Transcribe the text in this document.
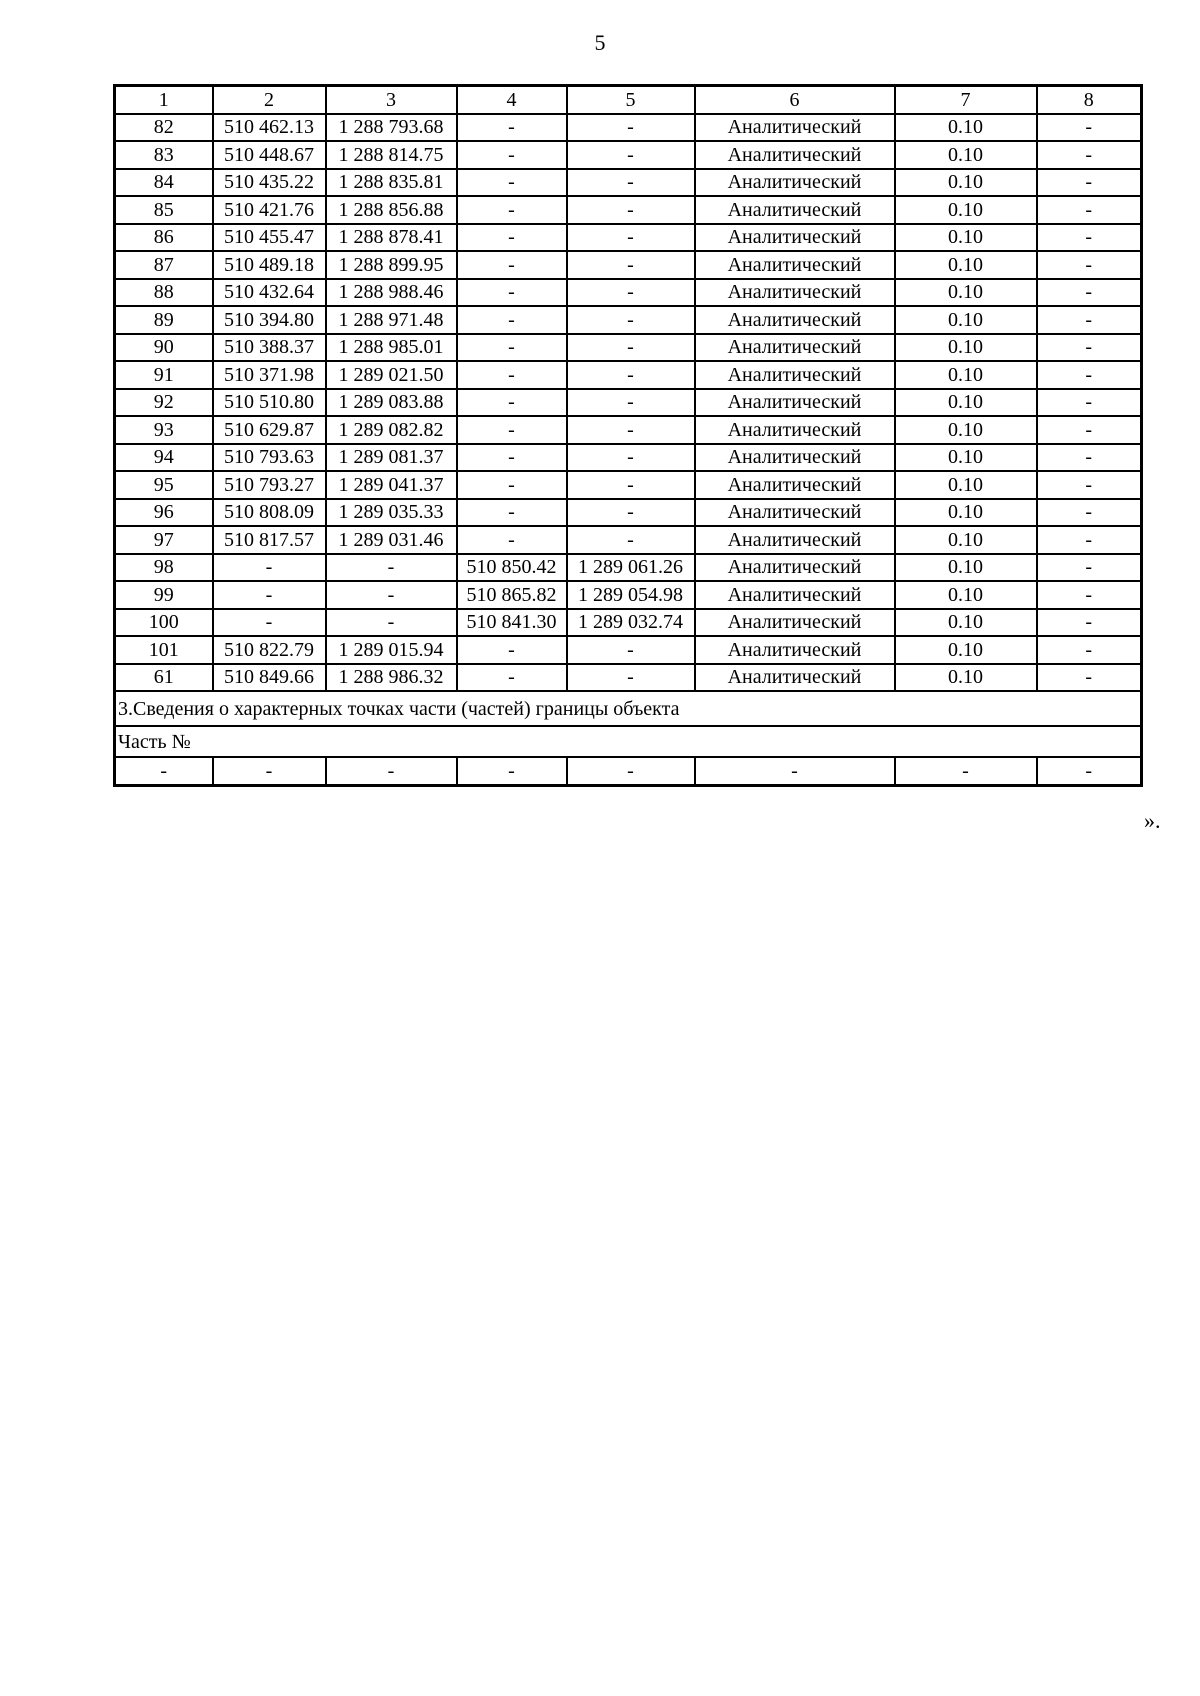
5
1	2	3	4	5	6	7	8
82	510 462.13	1 288 793.68	-	-	Аналитический	0.10	-
83	510 448.67	1 288 814.75	-	-	Аналитический	0.10	-
84	510 435.22	1 288 835.81	-	-	Аналитический	0.10	-
85	510 421.76	1 288 856.88	-	-	Аналитический	0.10	-
86	510 455.47	1 288 878.41	-	-	Аналитический	0.10	-
87	510 489.18	1 288 899.95	-	-	Аналитический	0.10	-
88	510 432.64	1 288 988.46	-	-	Аналитический	0.10	-
89	510 394.80	1 288 971.48	-	-	Аналитический	0.10	-
90	510 388.37	1 288 985.01	-	-	Аналитический	0.10	-
91	510 371.98	1 289 021.50	-	-	Аналитический	0.10	-
92	510 510.80	1 289 083.88	-	-	Аналитический	0.10	-
93	510 629.87	1 289 082.82	-	-	Аналитический	0.10	-
94	510 793.63	1 289 081.37	-	-	Аналитический	0.10	-
95	510 793.27	1 289 041.37	-	-	Аналитический	0.10	-
96	510 808.09	1 289 035.33	-	-	Аналитический	0.10	-
97	510 817.57	1 289 031.46	-	-	Аналитический	0.10	-
98	-	-	510 850.42	1 289 061.26	Аналитический	0.10	-
99	-	-	510 865.82	1 289 054.98	Аналитический	0.10	-
100	-	-	510 841.30	1 289 032.74	Аналитический	0.10	-
101	510 822.79	1 289 015.94	-	-	Аналитический	0.10	-
61	510 849.66	1 288 986.32	-	-	Аналитический	0.10	-
3.Сведения о характерных точках части (частей) границы объекта							
Часть №							
-	-	-	-	-	-	-	-
».
